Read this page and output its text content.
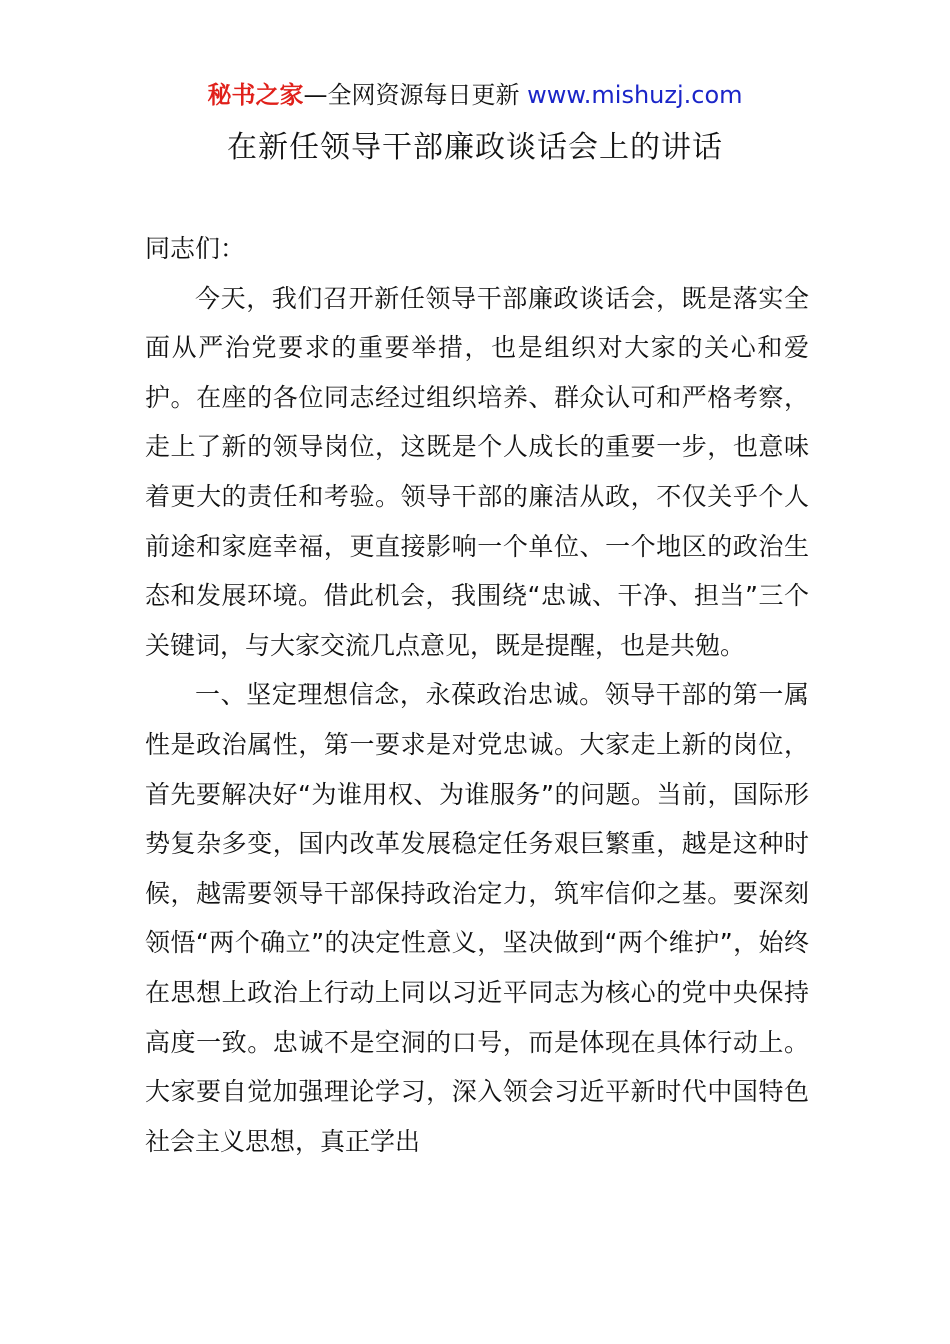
秘书之家—全网资源每日更新 www.mishuzj.com
在新任领导干部廉政谈话会上的讲话

同志们：

今天，我们召开新任领导干部廉政谈话会，既是落实全面从严治党要求的重要举措，也是组织对大家的关心和爱护。在座的各位同志经过组织培养、群众认可和严格考察，走上了新的领导岗位，这既是个人成长的重要一步，也意味着更大的责任和考验。领导干部的廉洁从政，不仅关乎个人前途和家庭幸福，更直接影响一个单位、一个地区的政治生态和发展环境。借此机会，我围绕“忠诚、干净、担当”三个关键词，与大家交流几点意见，既是提醒，也是共勉。

一、坚定理想信念，永葆政治忠诚。领导干部的第一属性是政治属性，第一要求是对党忠诚。大家走上新的岗位，首先要解决好“为谁用权、为谁服务”的问题。当前，国际形势复杂多变，国内改革发展稳定任务艰巨繁重，越是这种时候，越需要领导干部保持政治定力，筑牢信仰之基。要深刻领悟“两个确立”的决定性意义，坚决做到“两个维护”，始终在思想上政治上行动上同以习近平同志为核心的党中央保持高度一致。忠诚不是空洞的口号，而是体现在具体行动上。大家要自觉加强理论学习，深入领会习近平新时代中国特色社会主义思想，真正学出
